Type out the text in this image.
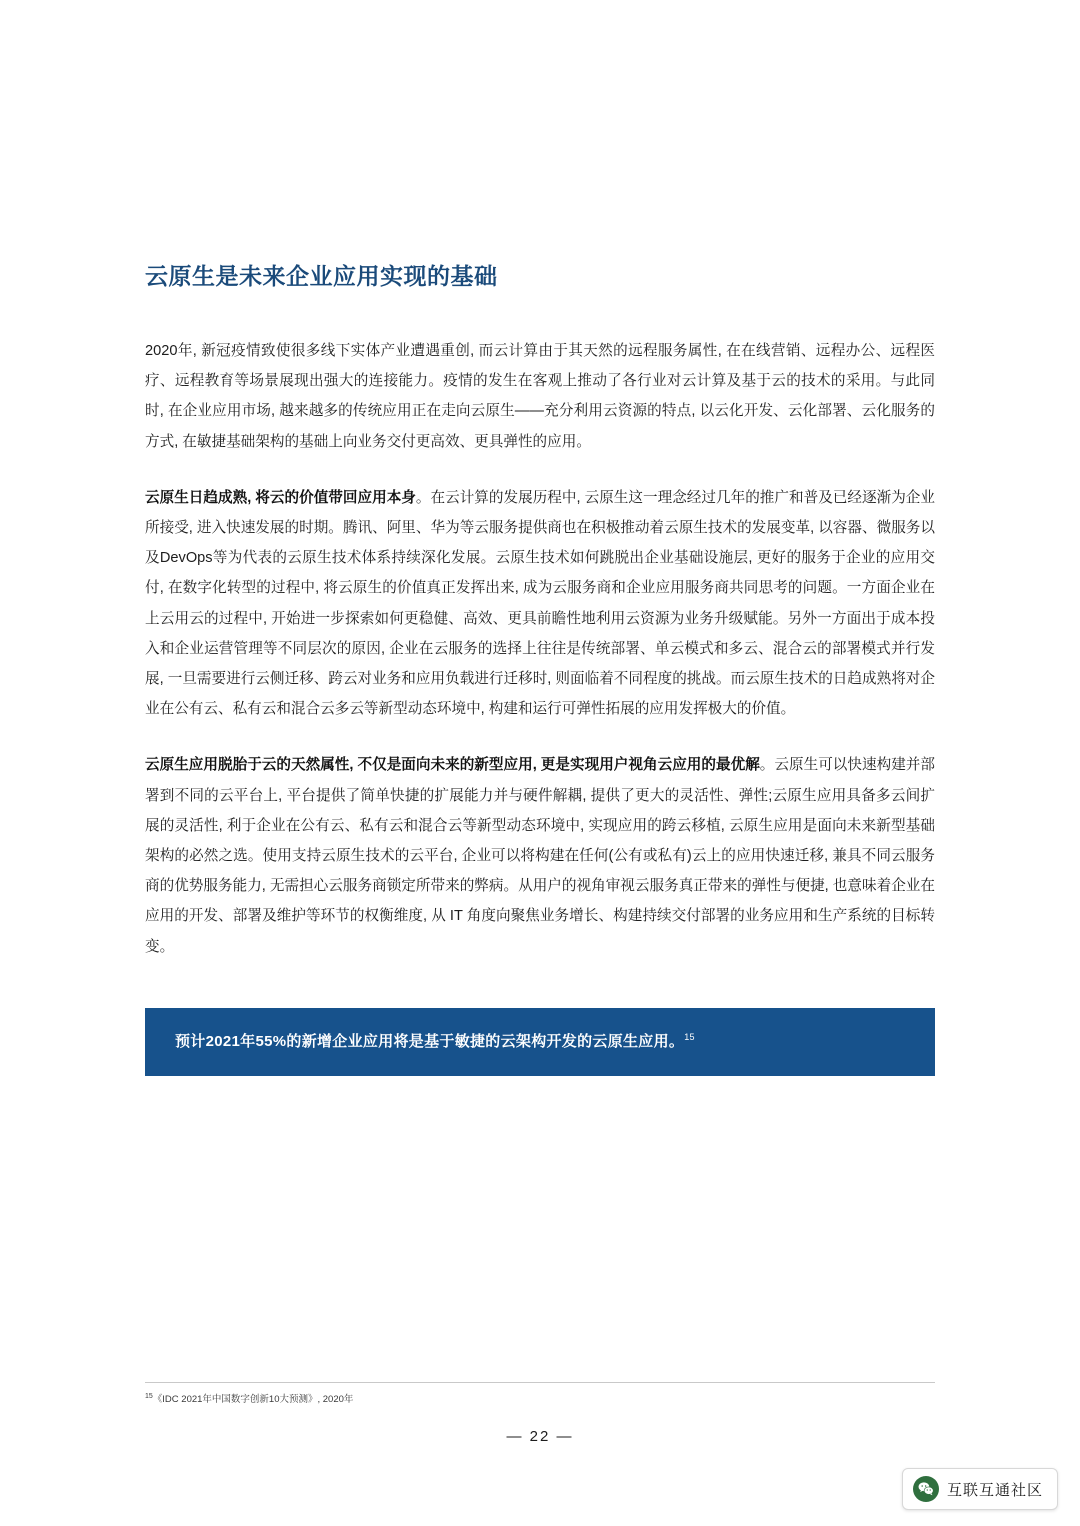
云原生是未来企业应用实现的基础

2020年, 新冠疫情致使很多线下实体产业遭遇重创, 而云计算由于其天然的远程服务属性, 在在线营销、远程办公、远程医疗、远程教育等场景展现出强大的连接能力。疫情的发生在客观上推动了各行业对云计算及基于云的技术的采用。与此同时, 在企业应用市场, 越来越多的传统应用正在走向云原生——充分利用云资源的特点, 以云化开发、云化部署、云化服务的方式, 在敏捷基础架构的基础上向业务交付更高效、更具弹性的应用。

云原生日趋成熟, 将云的价值带回应用本身。在云计算的发展历程中, 云原生这一理念经过几年的推广和普及已经逐渐为企业所接受, 进入快速发展的时期。腾讯、阿里、华为等云服务提供商也在积极推动着云原生技术的发展变革, 以容器、微服务以及DevOps等为代表的云原生技术体系持续深化发展。云原生技术如何跳脱出企业基础设施层, 更好的服务于企业的应用交付, 在数字化转型的过程中, 将云原生的价值真正发挥出来, 成为云服务商和企业应用服务商共同思考的问题。一方面企业在上云用云的过程中, 开始进一步探索如何更稳健、高效、更具前瞻性地利用云资源为业务升级赋能。另外一方面出于成本投入和企业运营管理等不同层次的原因, 企业在云服务的选择上往往是传统部署、单云模式和多云、混合云的部署模式并行发展, 一旦需要进行云侧迁移、跨云对业务和应用负载进行迁移时, 则面临着不同程度的挑战。而云原生技术的日趋成熟将对企业在公有云、私有云和混合云多云等新型动态环境中, 构建和运行可弹性拓展的应用发挥极大的价值。

云原生应用脱胎于云的天然属性, 不仅是面向未来的新型应用, 更是实现用户视角云应用的最优解。云原生可以快速构建并部署到不同的云平台上, 平台提供了简单快捷的扩展能力并与硬件解耦, 提供了更大的灵活性、弹性;云原生应用具备多云间扩展的灵活性, 利于企业在公有云、私有云和混合云等新型动态环境中, 实现应用的跨云移植, 云原生应用是面向未来新型基础架构的必然之选。使用支持云原生技术的云平台, 企业可以将构建在任何(公有或私有)云上的应用快速迁移, 兼具不同云服务商的优势服务能力, 无需担心云服务商锁定所带来的弊病。从用户的视角审视云服务真正带来的弹性与便捷, 也意味着企业在应用的开发、部署及维护等环节的权衡维度, 从 IT 角度向聚焦业务增长、构建持续交付部署的业务应用和生产系统的目标转变。

预计2021年55%的新增企业应用将是基于敏捷的云架构开发的云原生应用。$^{15}$
$^{15}$《IDC 2021年中国数字创新10大预测》, 2020年
— 22 —
互联互通社区
